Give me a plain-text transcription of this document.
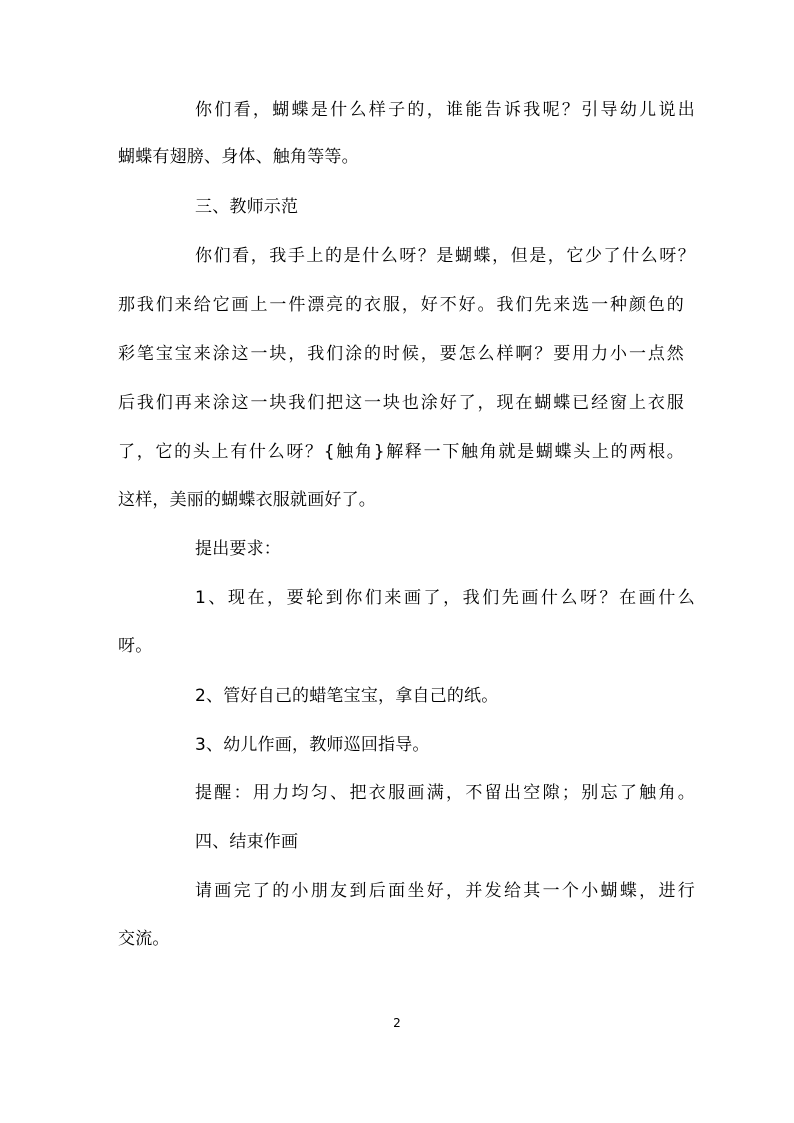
你们看，蝴蝶是什么样子的，谁能告诉我呢？引导幼儿说出
蝴蝶有翅膀、身体、触角等等。
三、教师示范
你们看，我手上的是什么呀？是蝴蝶，但是，它少了什么呀？
那我们来给它画上一件漂亮的衣服，好不好。我们先来选一种颜色的
彩笔宝宝来涂这一块，我们涂的时候，要怎么样啊？要用力小一点然
后我们再来涂这一块我们把这一块也涂好了，现在蝴蝶已经窗上衣服
了，它的头上有什么呀？{触角}解释一下触角就是蝴蝶头上的两根。
这样，美丽的蝴蝶衣服就画好了。
提出要求：
1、现在，要轮到你们来画了，我们先画什么呀？在画什么
呀。
2、管好自己的蜡笔宝宝，拿自己的纸。
3、幼儿作画，教师巡回指导。
提醒：用力均匀、把衣服画满，不留出空隙；别忘了触角。
四、结束作画
请画完了的小朋友到后面坐好，并发给其一个小蝴蝶，进行
交流。
2
